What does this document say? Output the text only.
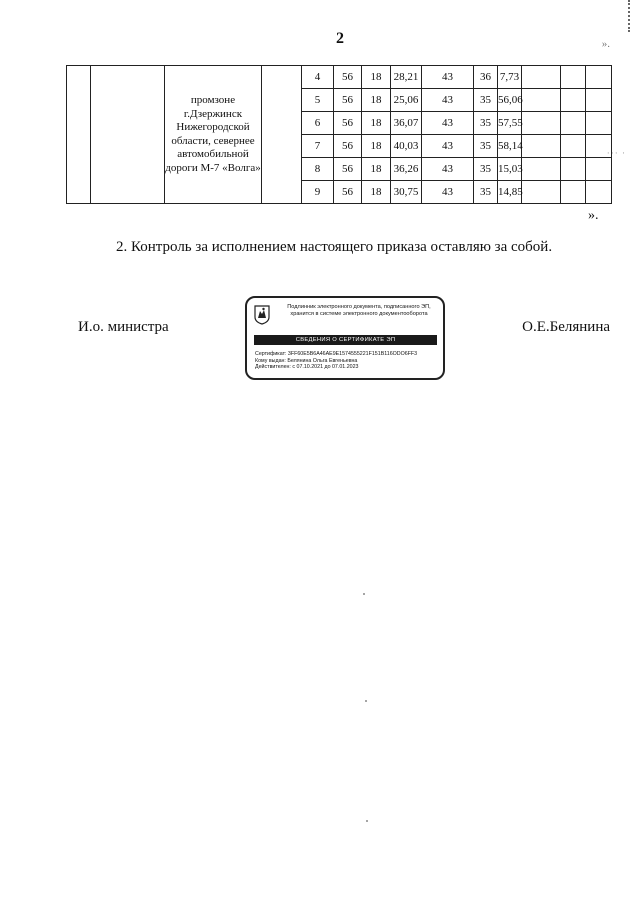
2	».
··· ·
		промзоне г.Дзержинск Нижегородской области, севернее автомобильной дороги М-7 «Волга»		4	56	18	28,21	43	36	7,73			
				5	56	18	25,06	43	35	56,06			
				6	56	18	36,07	43	35	57,55			
				7	56	18	40,03	43	35	58,14			
				8	56	18	36,26	43	35	15,03			
				9	56	18	30,75	43	35	14,85			
».
2. Контроль за исполнением настоящего приказа оставляю за собой.
И.о. министра	О.Е.Белянина
Подлинник электронного документа, подписанного ЭП, хранится в системе электронного документооборота
СВЕДЕНИЯ О СЕРТИФИКАТЕ ЭП
Сертификат: 3FF60E5B6A46AE9E1574555221F151B116ODO6FF3
Кому выдан: Белянина Ольга Евгеньевна
Действителен: с 07.10.2021 до 07.01.2023
